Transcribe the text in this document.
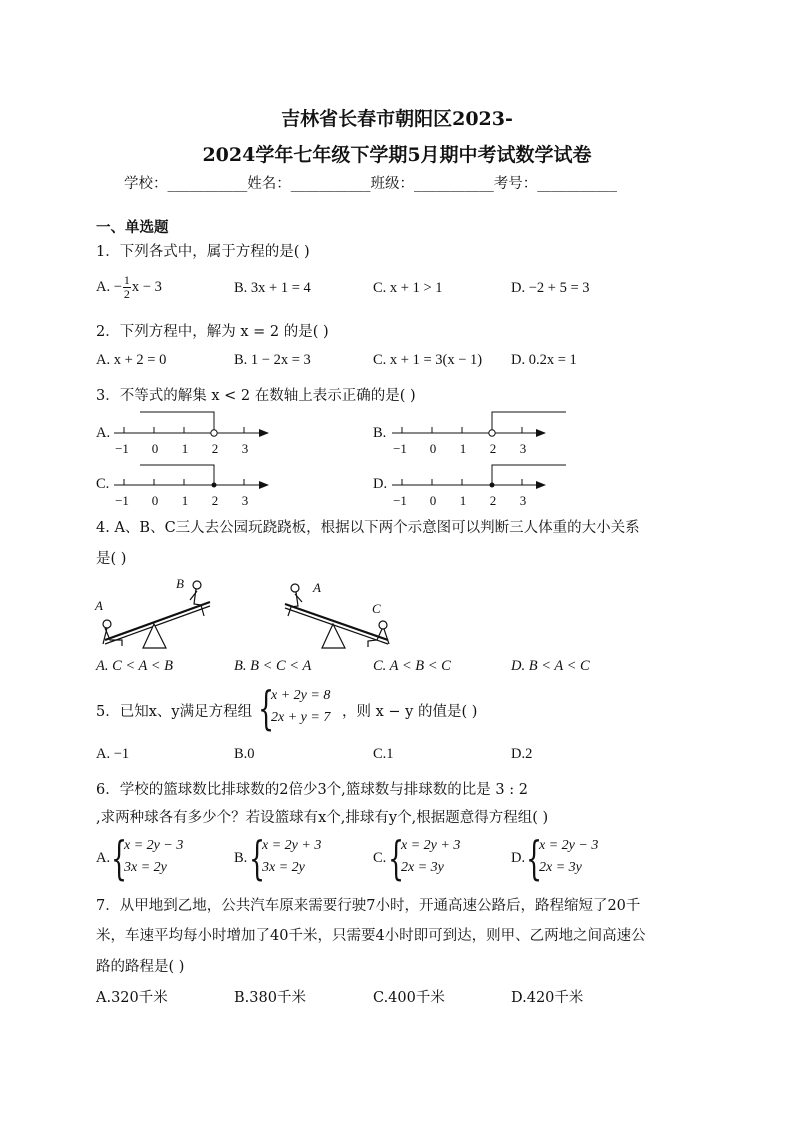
吉林省长春市朝阳区2023-
2024学年七年级下学期5月期中考试数学试卷
学校：___________姓名：___________班级：___________考号：___________
一、单选题
1．下列各式中，属于方程的是( )
A. − $\frac{1}{2}$ x − 3	B. 3x + 1 = 4	C. x + 1 > 1	D. −2 + 5 = 3
2．下列方程中，解为 x = 2 的是( )
A. x + 2 = 0	B. 1 − 2x = 3	C. x + 1 = 3(x − 1) D. 0.2x = 1
3．不等式的解集 x < 2 在数轴上表示正确的是( )
A.	B.
C.	D.
−1 0 1 2 3	−1 0 1 2 3
−1 0 1 2 3	−1 0 1 2 3
A
B	A
C
4. A、B、C三人去公园玩跷跷板，根据以下两个示意图可以判断三人体重的大小关系
是( )
A. C < A < B	B. B < C < A	C. A < B < C	D. B < A < C
5．已知x、y满足方程组 {
x + 2y = 8
2x + y = 7 ，则 x − y 的值是( )
A. −1	B.0	C.1	D.2
6．学校的篮球数比排球数的2倍少3个,篮球数与排球数的比是 3 : 2
,求两种球各有多少个？若设篮球有x个,排球有y个,根据题意得方程组( )
A. {
x = 2y − 3
3x = 2y
B. {
x = 2y + 3
3x = 2y
C. {
x = 2y + 3
2x = 3y
D. {
x = 2y − 3
2x = 3y
7．从甲地到乙地，公共汽车原来需要行驶7小时，开通高速公路后，路程缩短了20千
米，车速平均每小时增加了40千米，只需要4小时即可到达，则甲、乙两地之间高速公
路的路程是( )
A.320千米	B.380千米	C.400千米	D.420千米
